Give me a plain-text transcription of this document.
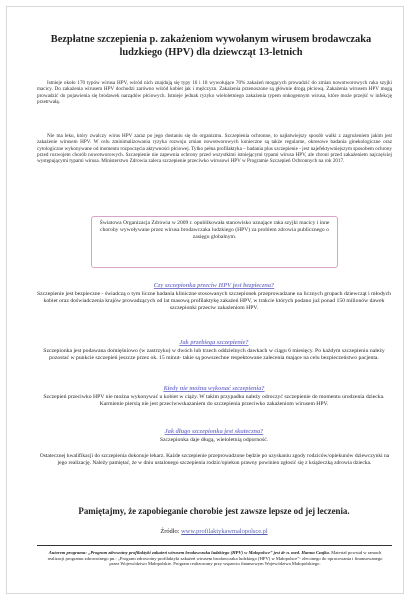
Bezpłatne szczepienia p. zakażeniom wywołanym wirusem brodawczaka ludzkiego (HPV) dla dziewcząt 13-letnich
Istnieje około 170 typów wirusa HPV, wśród nich znajdują się typy 16 i 18 wywołujące 70% zakażeń mogących prowadzić do zmian nowotworowych raka szyjki macicy. Do zakażenia wirusem HPV dochodzi zarówno wśród kobiet jak i mężczyzn. Zakażenia przenoszone są głównie drogą płciową. Zakażenia wirusem HPV mogą prowadzić do pojawienia się brodawek narządów płciowych. Istnieje jednak ryzyko wieloletniego zakażenia typem onkogennym wirusa, które może przejść w infekcję przetrwałą.
Nie ma leku, który zwalczy wirus HPV zaraz po jego dostaniu się do organizmu. Szczepienia ochronne, to najłatwiejszy sposób walki z zagrożeniem jakim jest zakażenie wirusem HPV. W celu zminimalizowania ryzyka rozwoju zmian nowotworowych konieczne są także regularne, okresowe badania ginekologiczne oraz cytologiczne wykonywane od momentu rozpoczęcia aktywności płciowej. Tylko pełna profilaktyka – badania plus szczepienie - jest najefektywniejszym sposobem ochrony przed rozwojem chorób nowotworowych. Szczepienie nie zapewnia ochrony przed wszystkimi istniejącymi typami wirusa HPV, ale chroni przed zakażeniem najczęściej występującymi typami wirusa. Ministerstwo Zdrowia zaleca szczepienie przeciwko wirusowi HPV w Programie Szczepień Ochronnych na rok 2017.
Światowa Organizacja Zdrowia w 2009 r. opublikowała stanowisko uznające raka szyjki macicy i inne choroby wywoływane przez wirusa brodawczaka ludzkiego (HPV) za problem zdrowia publicznego o zasięgu globalnym.
Czy szczepionka przeciw HPV jest bezpieczna?
Szczepienie jest bezpieczne - świadczą o tym liczne badania kliniczne stosowanych szczepionek przeprowadzane na licznych grupach dziewcząt i młodych kobiet oraz doświadczenia krajów prowadzących od lat masową profilaktykę zakażeń HPV, w trakcie których podano już ponad 150 milionów dawek szczepionki przeciw zakażeniom HPV.
Jak przebiega szczepienie?
Szczepionka jest podawana domięśniowo (w zastrzyku) w dwóch lub trzech oddzielnych dawkach w ciągu 6 miesięcy. Po każdym szczepieniu należy pozostać w punkcie szczepień jeszcze przez ok. 15 minut- takie są powszechne respektowane zalecenia mające na celu bezpieczeństwo pacjenta.
Kiedy nie można wykonać szczepienia?
Szczepień przeciwko HPV nie można wykonywać u kobiet w ciąży. W takim przypadku należy odroczyć szczepienie do momentu urodzenia dziecka. Karmienie piersią nie jest przeciwwskazaniem do szczepienia przeciwko zakażeniom wirusem HPV.
Jak długo szczepionka jest skuteczna?
Szczepionka daje długą, wieloletnią odporność.
Ostatecznej kwalifikacji do szczepienia dokonuje lekarz. Każde szczepienie przeprowadzone będzie po uzyskaniu zgody rodziców/opiekunów dziewczynki na jego realizację. Należy pamiętać, że w dniu ustalonego szczepienia rodzic/opiekun prawny powinien zgłosić się z książeczką zdrowia dziecka.
Pamiętajmy, że zapobieganie chorobie jest zawsze lepsze od jej leczenia.
Źródło: www.profilaktykawmalopolsce.pl
Autorem programu: „Program zdrowotny profilaktyki zakażeń wirusem brodawczaka ludzkiego (HPV) w Małopolsce” jest dr n. med. Hanna Czajka. Materiał powstał w ramach realizacji programu zdrowotnego pn.: „Program zdrowotny profilaktyki zakażeń wirusem brodawczaka ludzkiego (HPV) w Małopolsce”- zleconego do opracowania i finansowanego przez Województwo Małopolskie. Program realizowany przy wsparciu finansowym Województwa Małopolskiego.
